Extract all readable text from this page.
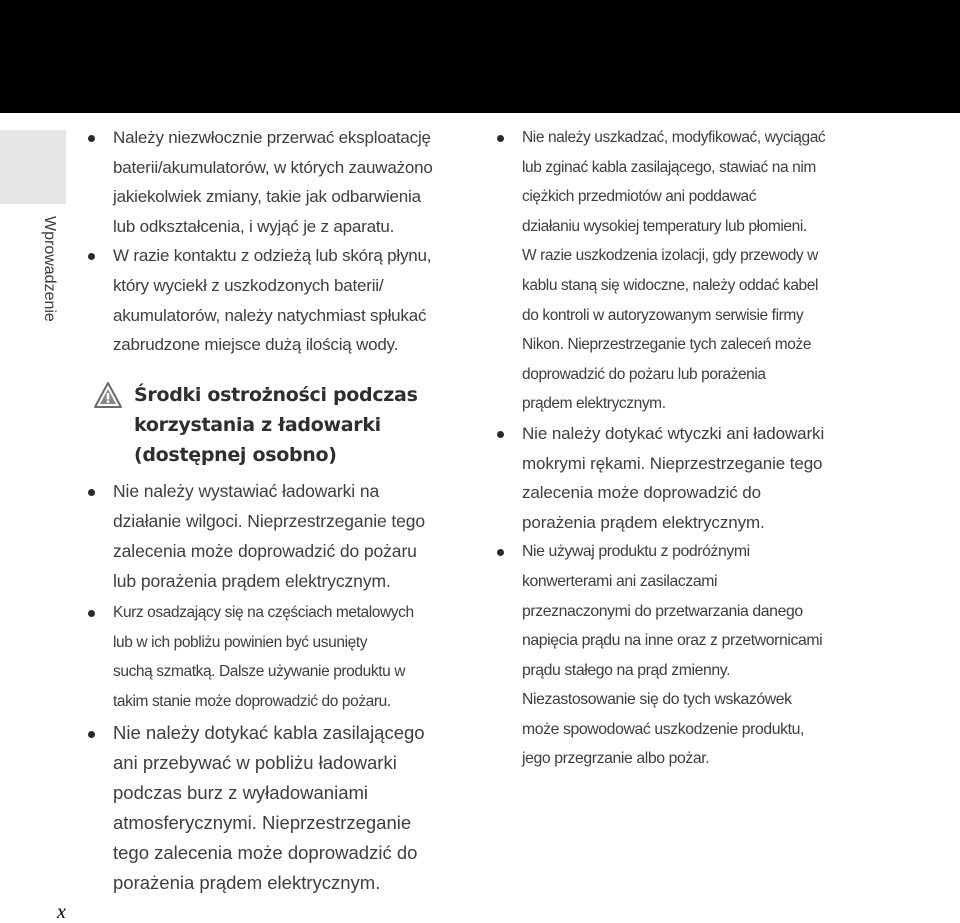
Wprowadzenie

Należy niezwłocznie przerwać eksploatację
baterii/akumulatorów, w których zauważono
jakiekolwiek zmiany, takie jak odbarwienia
lub odkształcenia, i wyjąć je z aparatu.

W razie kontaktu z odzieżą lub skórą płynu,
który wyciekł z uszkodzonych baterii/
akumulatorów, należy natychmiast spłukać
zabrudzone miejsce dużą ilością wody.

Środki ostrożności podczas
korzystania z ładowarki
(dostępnej osobno)

Nie należy wystawiać ładowarki na
działanie wilgoci. Nieprzestrzeganie tego
zalecenia może doprowadzić do pożaru
lub porażenia prądem elektrycznym.

Kurz osadzający się na częściach metalowych
lub w ich pobliżu powinien być usunięty
suchą szmatką. Dalsze używanie produktu w
takim stanie może doprowadzić do pożaru.

Nie należy dotykać kabla zasilającego
ani przebywać w pobliżu ładowarki
podczas burz z wyładowaniami
atmosferycznymi. Nieprzestrzeganie
tego zalecenia może doprowadzić do
porażenia prądem elektrycznym.

Nie należy uszkadzać, modyfikować, wyciągać
lub zginać kabla zasilającego, stawiać na nim
ciężkich przedmiotów ani poddawać
działaniu wysokiej temperatury lub płomieni.
W razie uszkodzenia izolacji, gdy przewody w
kablu staną się widoczne, należy oddać kabel
do kontroli w autoryzowanym serwisie firmy
Nikon. Nieprzestrzeganie tych zaleceń może
doprowadzić do pożaru lub porażenia
prądem elektrycznym.

Nie należy dotykać wtyczki ani ładowarki
mokrymi rękami. Nieprzestrzeganie tego
zalecenia może doprowadzić do
porażenia prądem elektrycznym.

Nie używaj produktu z podróżnymi
konwerterami ani zasilaczami
przeznaczonymi do przetwarzania danego
napięcia prądu na inne oraz z przetwornicami
prądu stałego na prąd zmienny.
Niezastosowanie się do tych wskazówek
może spowodować uszkodzenie produktu,
jego przegrzanie albo pożar.

x
